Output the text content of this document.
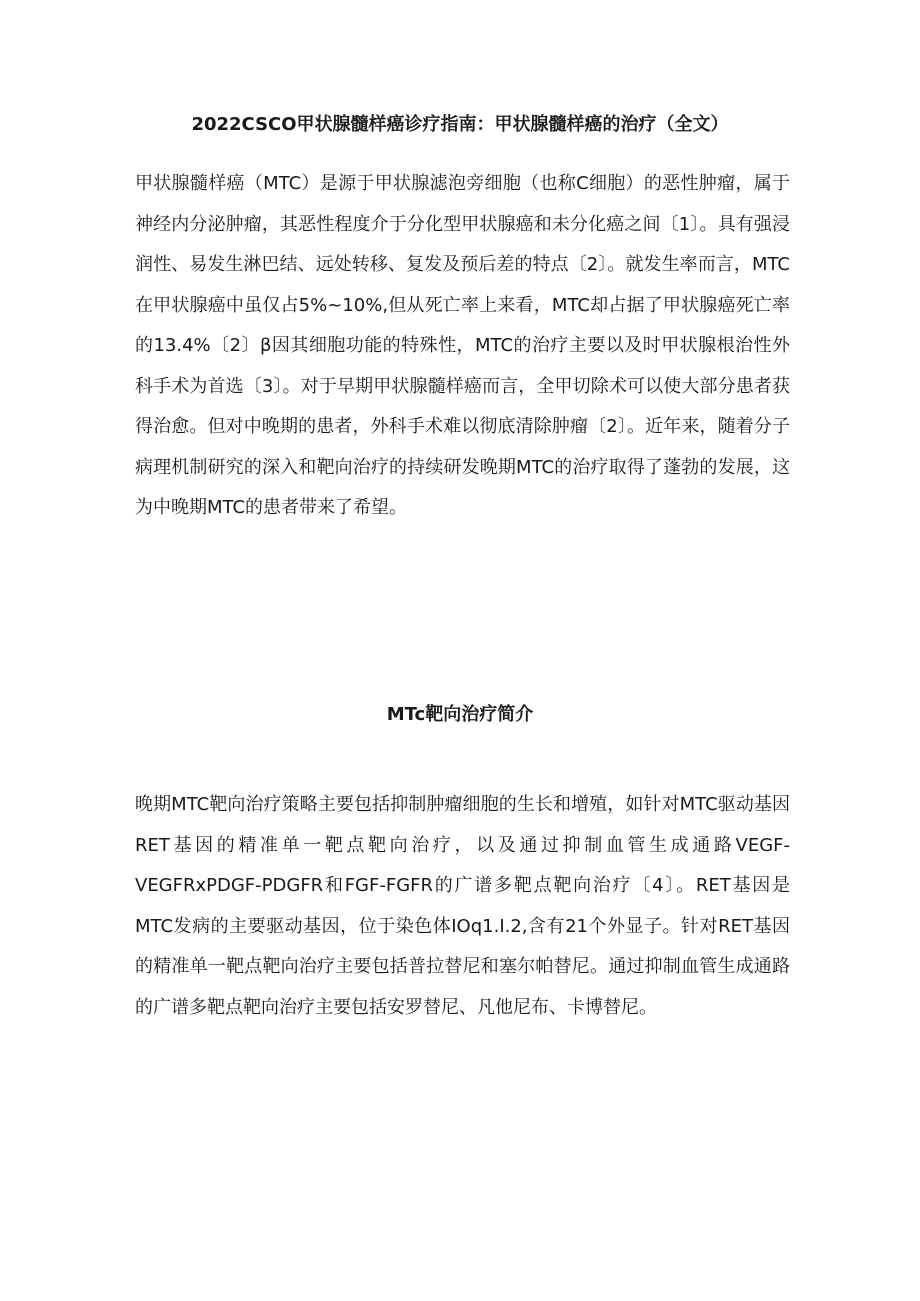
2022CSCO甲状腺髓样癌诊疗指南：甲状腺髓样癌的治疗（全文）

甲状腺髓样癌（MTC）是源于甲状腺滤泡旁细胞（也称C细胞）的恶性肿瘤，属于神经内分泌肿瘤，其恶性程度介于分化型甲状腺癌和未分化癌之间〔1〕。具有强浸润性、易发生淋巴结、远处转移、复发及预后差的特点〔2〕。就发生率而言，MTC在甲状腺癌中虽仅占5%~10%,但从死亡率上来看，MTC却占据了甲状腺癌死亡率的13.4%〔2〕β因其细胞功能的特殊性，MTC的治疗主要以及时甲状腺根治性外科手术为首选〔3〕。对于早期甲状腺髓样癌而言，全甲切除术可以使大部分患者获得治愈。但对中晚期的患者，外科手术难以彻底清除肿瘤〔2〕。近年来，随着分子病理机制研究的深入和靶向治疗的持续研发晚期MTC的治疗取得了蓬勃的发展，这为中晚期MTC的患者带来了希望。

MTc靶向治疗简介

晚期MTC靶向治疗策略主要包括抑制肿瘤细胞的生长和增殖，如针对MTC驱动基因RET基因的精准单一靶点靶向治疗，以及通过抑制血管生成通路VEGF-VEGFRxPDGF-PDGFR和FGF-FGFR的广谱多靶点靶向治疗〔4〕。RET基因是MTC发病的主要驱动基因，位于染色体IOq1.I.2,含有21个外显子。针对RET基因的精准单一靶点靶向治疗主要包括普拉替尼和塞尔帕替尼。通过抑制血管生成通路的广谱多靶点靶向治疗主要包括安罗替尼、凡他尼布、卡博替尼。
